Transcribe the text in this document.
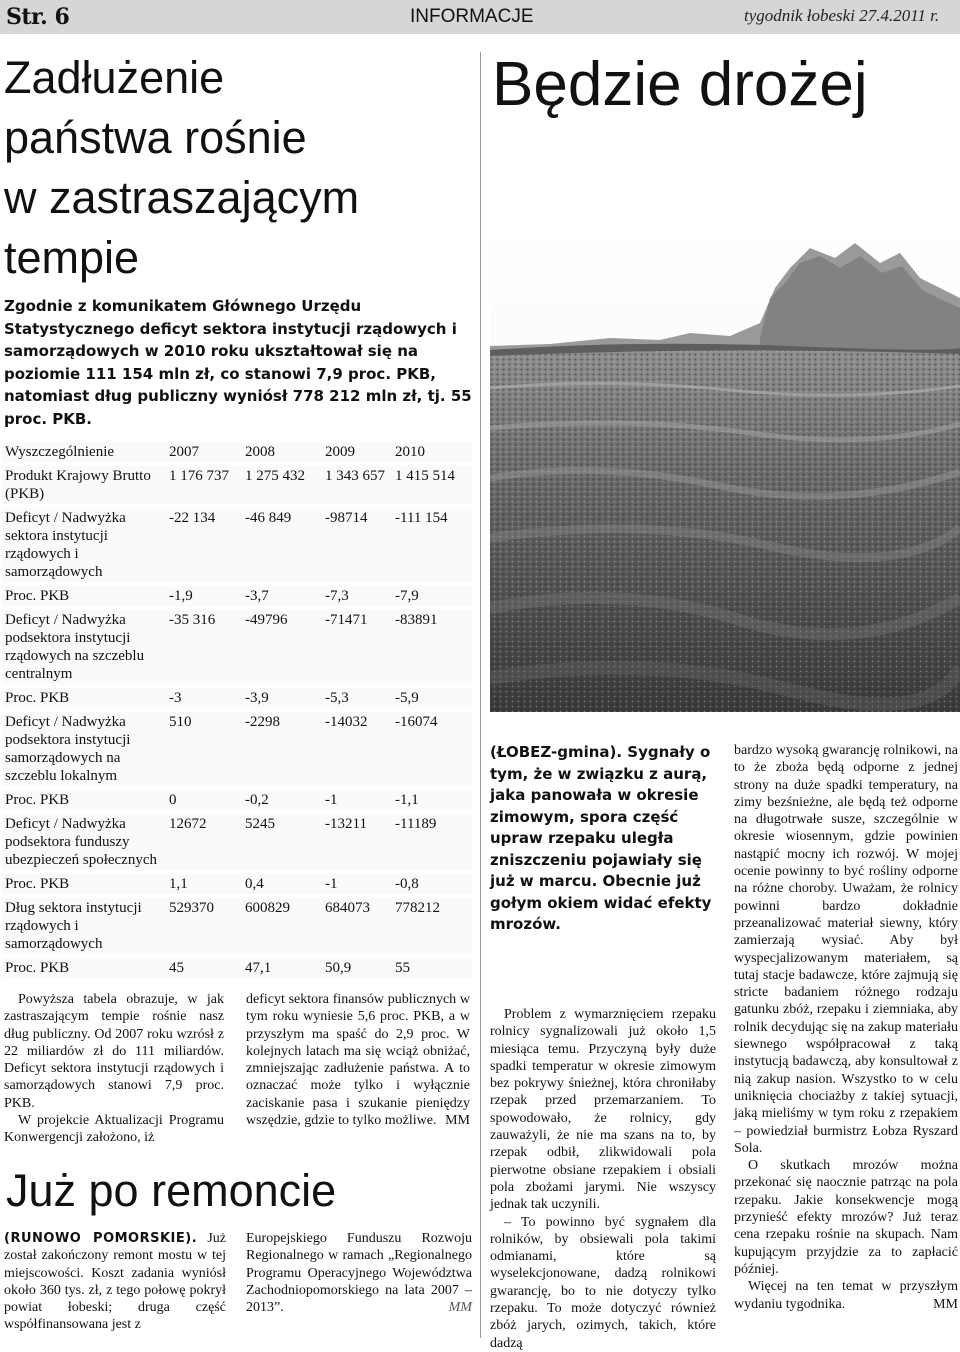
Str. 6	INFORMACJE	tygodnik łobeski 27.4.2011 r.
Zadłużenie
państwa rośnie
w zastraszającym
tempie
Zgodnie z komunikatem Głównego Urzędu Statystycznego deficyt sektora instytucji rządowych i samorządowych w 2010 roku ukształtował się na poziomie 111 154 mln zł, co stanowi 7,9 proc. PKB, natomiast dług publiczny wyniósł 778 212 mln zł, tj. 55 proc. PKB.
Wyszczególnienie	2007	2008	2009	2010

Produkt Krajowy Brutto (PKB)	1 176 737	1 275 432	1 343 657	1 415 514

Deficyt / Nadwyżka sektora instytucji rządowych i samorządowych	-22 134	-46 849	-98714	-111 154

Proc. PKB	-1,9	-3,7	-7,3	-7,9

Deficyt / Nadwyżka podsektora instytucji rządowych na szczeblu centralnym	-35 316	-49796	-71471	-83891

Proc. PKB	-3	-3,9	-5,3	-5,9

Deficyt / Nadwyżka podsektora instytucji samorządowych na szczeblu lokalnym	510	-2298	-14032	-16074

Proc. PKB	0	-0,2	-1	-1,1

Deficyt / Nadwyżka podsektora funduszy ubezpieczeń społecznych	12672	5245	-13211	-11189

Proc. PKB	1,1	0,4	-1	-0,8

Dług sektora instytucji rządowych i samorządowych	529370	600829	684073	778212

Proc. PKB	45	47,1	50,9	55

Powyższa tabela obrazuje, w jak zastraszającym tempie rośnie nasz dług publiczny. Od 2007 roku wzrósł z 22 miliardów zł do 111 miliardów. Deficyt sektora instytucji rządowych i samorządowych stanowi 7,9 proc. PKB.

W projekcie Aktualizacji Programu Konwergencji założono, iż

deficyt sektora finansów publicznych w tym roku wyniesie 5,6 proc. PKB, a w przyszłym ma spaść do 2,9 proc. W kolejnych latach ma się wciąż obniżać, zmniejszając zadłużenie państwa. A to oznaczać może tylko i wyłącznie zaciskanie pasa i szukanie pieniędzy wszędzie, gdzie to tylko możliwe. MM

Już po remoncie

(RUNOWO POMORSKIE). Już został zakończony remont mostu w tej miejscowości. Koszt zadania wyniósł około 360 tys. zł, z tego połowę pokrył powiat łobeski; druga część współfinansowana jest z

Europejskiego Funduszu Rozwoju Regionalnego w ramach „Regionalnego Programu Operacyjnego Województwa Zachodniopomorskiego na lata 2007 – 2013”.	MM

Będzie drożej
(ŁOBEZ-gmina). Sygnały o tym, że w związku z aurą, jaka panowała w okresie zimowym, spora część upraw rzepaku uległa zniszczeniu pojawiały się już w marcu. Obecnie już gołym okiem widać efekty mrozów.

Problem z wymarznięciem rzepaku rolnicy sygnalizowali już około 1,5 miesiąca temu. Przyczyną były duże spadki temperatur w okresie zimowym bez pokrywy śnieżnej, która chroniłaby rzepak przed przemarzaniem. To spowodowało, że rolnicy, gdy zauważyli, że nie ma szans na to, by rzepak odbił, zlikwidowali pola pierwotne obsiane rzepakiem i obsiali pola zbożami jarymi. Nie wszyscy jednak tak uczynili.

– To powinno być sygnałem dla rolników, by obsiewali pola takimi odmianami, które są wyselekcjonowane, dadzą rolnikowi gwarancję, bo to nie dotyczy tylko rzepaku. To może dotyczyć również zbóż jarych, ozimych, takich, które dadzą

bardzo wysoką gwarancję rolnikowi, na to że zboża będą odporne z jednej strony na duże spadki temperatury, na zimy bezśnieżne, ale będą też odporne na długotrwałe susze, szczególnie w okresie wiosennym, gdzie powinien nastąpić mocny ich rozwój. W mojej ocenie powinny to być rośliny odporne na różne choroby. Uważam, że rolnicy powinni bardzo dokładnie przeanalizować materiał siewny, który zamierzają wysiać. Aby był wyspecjalizowanym materiałem, są tutaj stacje badawcze, które zajmują się stricte badaniem różnego rodzaju gatunku zbóż, rzepaku i ziemniaka, aby rolnik decydując się na zakup materiału siewnego współpracował z taką instytucją badawczą, aby konsultował z nią zakup nasion. Wszystko to w celu uniknięcia chociażby z takiej sytuacji, jaką mieliśmy w tym roku z rzepakiem – powiedział burmistrz Łobza Ryszard Sola.

O skutkach mrozów można przekonać się naocznie patrząc na pola rzepaku. Jakie konsekwencje mogą przynieść efekty mrozów? Już teraz cena rzepaku rośnie na skupach. Nam kupującym przyjdzie za to zapłacić później.

Więcej na ten temat w przyszłym wydaniu tygodnika.	MM
